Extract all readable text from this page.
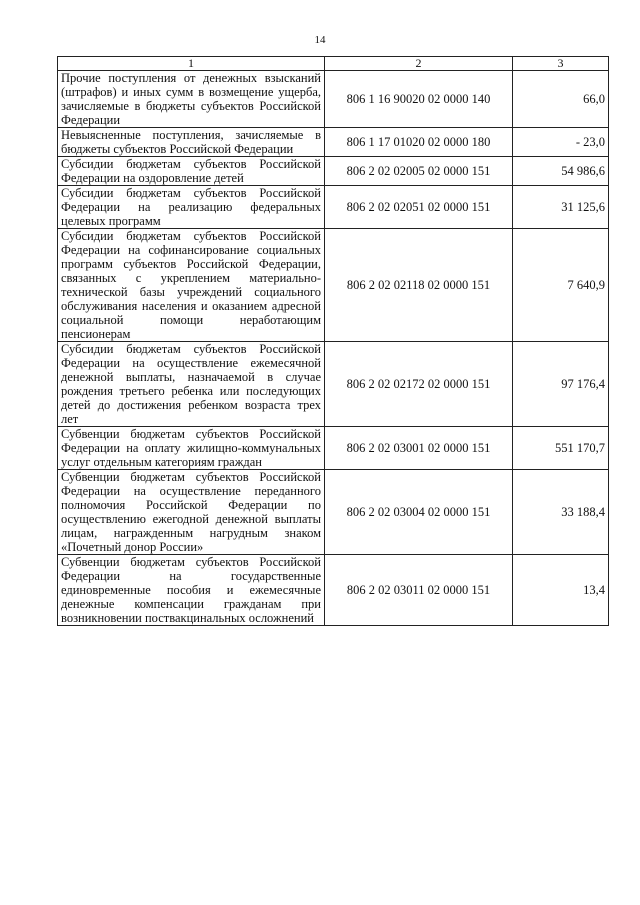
14
1	2	3
Прочие поступления от денежных взысканий (штрафов) и иных сумм в возмещение ущерба, зачисляемые в бюджеты субъектов Российской Федерации	806 1 16 90020 02 0000 140	66,0
Невыясненные поступления, зачисляемые в бюджеты субъектов Российской Федерации	806 1 17 01020 02 0000 180	- 23,0
Субсидии бюджетам субъектов Российской Федерации на оздоровление детей	806 2 02 02005 02 0000 151	54 986,6
Субсидии бюджетам субъектов Российской Федерации на реализацию федеральных целевых программ	806 2 02 02051 02 0000 151	31 125,6
Субсидии бюджетам субъектов Российской Федерации на софинансирование социальных программ субъектов Российской Федерации, связанных с укреплением материально-технической базы учреждений социального обслуживания населения и оказанием адресной социальной помощи неработающим пенсионерам	806 2 02 02118 02 0000 151	7 640,9
Субсидии бюджетам субъектов Российской Федерации на осуществление ежемесячной денежной выплаты, назначаемой в случае рождения третьего ребенка или последующих детей до достижения ребенком возраста трех лет	806 2 02 02172 02 0000 151	97 176,4
Субвенции бюджетам субъектов Российской Федерации на оплату жилищно-коммунальных услуг отдельным категориям граждан	806 2 02 03001 02 0000 151	551 170,7
Субвенции бюджетам субъектов Российской Федерации на осуществление переданного полномочия Российской Федерации по осуществлению ежегодной денежной выплаты лицам, награжденным нагрудным знаком «Почетный донор России»	806 2 02 03004 02 0000 151	33 188,4
Субвенции бюджетам субъектов Российской Федерации на государственные единовременные пособия и ежемесячные денежные компенсации гражданам при возникновении поствакцинальных осложнений	806 2 02 03011 02 0000 151	13,4
